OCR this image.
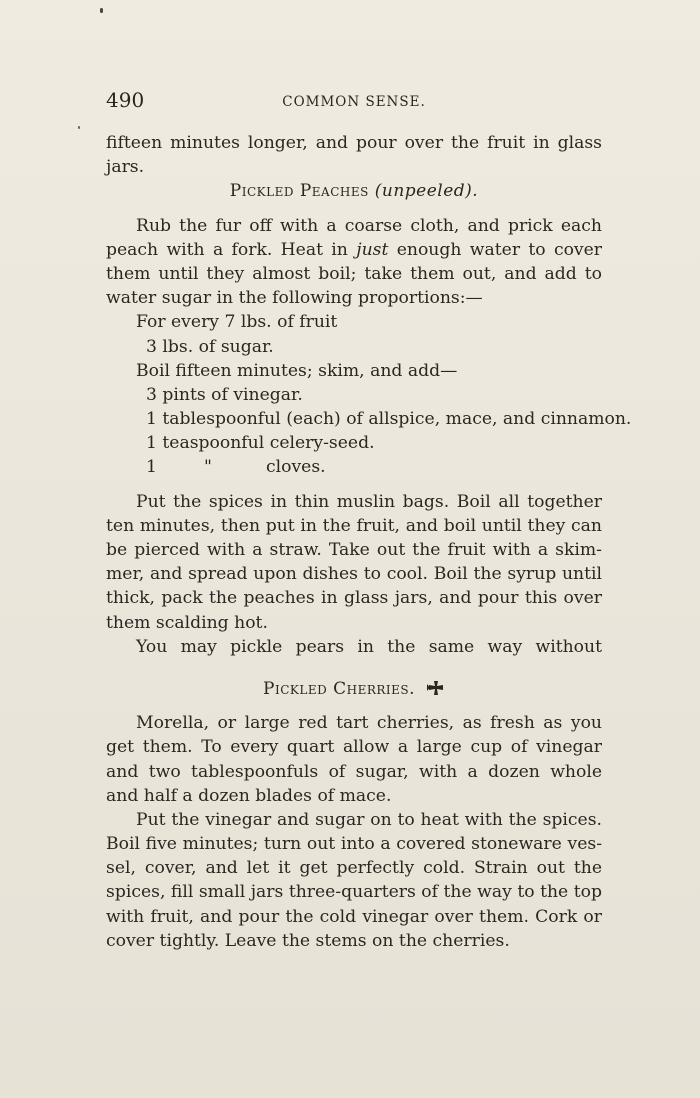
490	COMMON SENSE.
fifteen minutes longer, and pour over the fruit in glass
jars.
Pickled Peaches (unpeeled).
Rub the fur off with a coarse cloth, and prick each
peach with a fork. Heat in just enough water to cover
them until they almost boil; take them out, and add to
water sugar in the following proportions:—
For every 7 lbs. of fruit
3 lbs. of sugar.
Boil fifteen minutes; skim, and add—
3 pints of vinegar.
1 tablespoonful (each) of allspice, mace, and cinnamon.
1 teaspoonful celery-seed.
1	"	cloves.
Put the spices in thin muslin bags. Boil all together
ten minutes, then put in the fruit, and boil until they can
be pierced with a straw. Take out the fruit with a skim-
mer, and spread upon dishes to cool. Boil the syrup until
thick, pack the peaches in glass jars, and pour this over
them scalding hot.
You may pickle pears in the same way without
Pickled Cherries.
Morella, or large red tart cherries, as fresh as you
get them. To every quart allow a large cup of vinegar
and two tablespoonfuls of sugar, with a dozen whole
and half a dozen blades of mace.
Put the vinegar and sugar on to heat with the spices.
Boil five minutes; turn out into a covered stoneware ves-
sel, cover, and let it get perfectly cold. Strain out the
spices, fill small jars three-quarters of the way to the top
with fruit, and pour the cold vinegar over them. Cork or
cover tightly. Leave the stems on the cherries.
